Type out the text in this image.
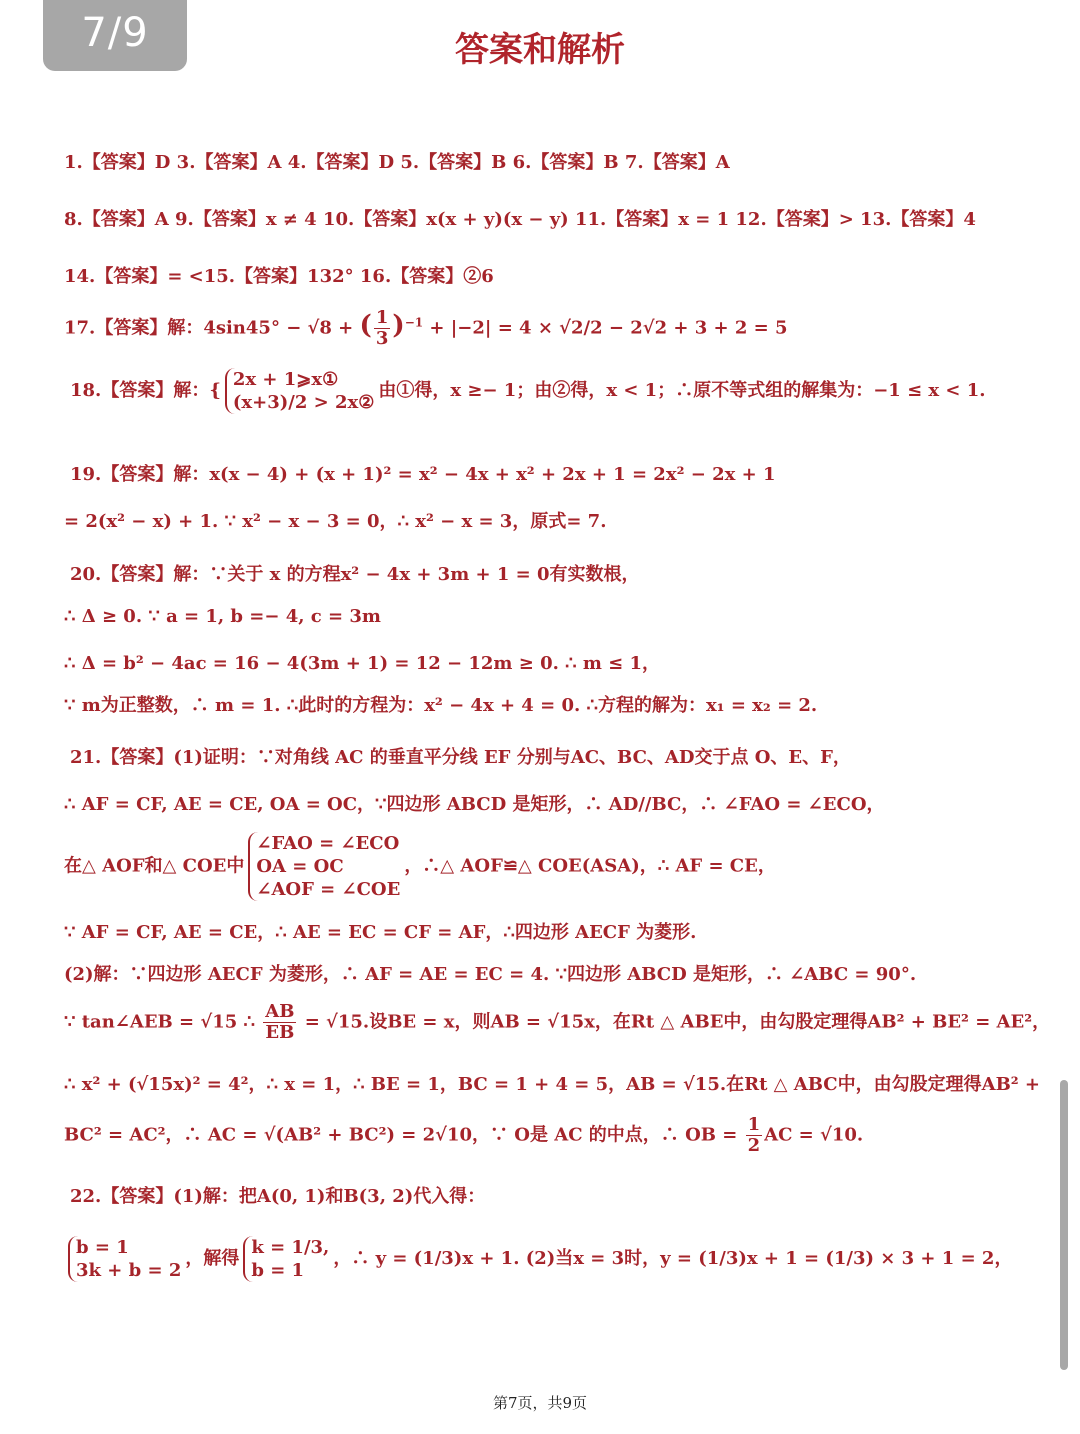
7/9	答案和解析
1.【答案】D 3.【答案】A 4.【答案】D 5.【答案】B 6.【答案】B 7.【答案】A
8.【答案】A 9.【答案】x ≠ 4 10.【答案】x(x + y)(x − y) 11.【答案】x = 1 12.【答案】> 13.【答案】4
14.【答案】= <15.【答案】132° 16.【答案】②6
17.【答案】解：4sin45° − √8 + ( $\frac{1}{3} )^{-1} + |-2| = 4 \times √2/2 - 2√2 + 3 + 2 = 5$
18.【答案】解：{
2x + 1⩾x①
(x+3)/2 > 2x②
由①得，x ≥− 1；由②得，x < 1；∴原不等式组的解集为：−1 ≤ x < 1.
19.【答案】解：x(x − 4) + (x + 1)² = x² − 4x + x² + 2x + 1 = 2x² − 2x + 1
= 2(x² − x) + 1. ∵ x² − x − 3 = 0，∴ x² − x = 3，原式= 7.
20.【答案】解：∵关于 x 的方程x² − 4x + 3m + 1 = 0有实数根，
∴ Δ ≥ 0. ∵ a = 1, b =− 4, c = 3m
∴ Δ = b² − 4ac = 16 − 4(3m + 1) = 12 − 12m ≥ 0. ∴ m ≤ 1，
∵ m为正整数，∴ m = 1. ∴此时的方程为：x² − 4x + 4 = 0. ∴方程的解为：x₁ = x₂ = 2.
21.【答案】(1)证明：∵对角线 AC 的垂直平分线 EF 分别与AC、BC、AD交于点 O、E、F，
∴ AF = CF, AE = CE, OA = OC，∵四边形 ABCD 是矩形，∴ AD//BC，∴ ∠FAO = ∠ECO，
在△ AOF和△ COE中
∠FAO = ∠ECO
OA = OC
∠AOF = ∠COE
，∴△ AOF≌△ COE(ASA)，∴ AF = CE，
∵ AF = CF, AE = CE，∴ AE = EC = CF = AF，∴四边形 AECF 为菱形.
(2)解：∵四边形 AECF 为菱形，∴ AF = AE = EC = 4. ∵四边形 ABCD 是矩形，∴ ∠ABC = 90°.
∵ tan∠AEB = √15 ∴ $\frac{AB}{EB} = √15$.设BE = x，则AB = √15x，在Rt △ ABE中，由勾股定理得AB² + BE² = AE²，
∴ x² + (√15x)² = 4²，∴ x = 1，∴ BE = 1，BC = 1 + 4 = 5，AB = √15.在Rt △ ABC中，由勾股定理得AB² +
BC² = AC²，∴ AC = √(AB² + BC²) = 2√10，∵ O是 AC 的中点，∴ OB = $\frac{1}{2}$ AC = √10.
22.【答案】(1)解：把A(0, 1)和B(3, 2)代入得：
b = 1
3k + b = 2
，解得
k = 1/3,
b = 1
，∴ y = (1/3)x + 1. (2)当x = 3时，y = (1/3)x + 1 = (1/3) × 3 + 1 = 2，
第7页，共9页
